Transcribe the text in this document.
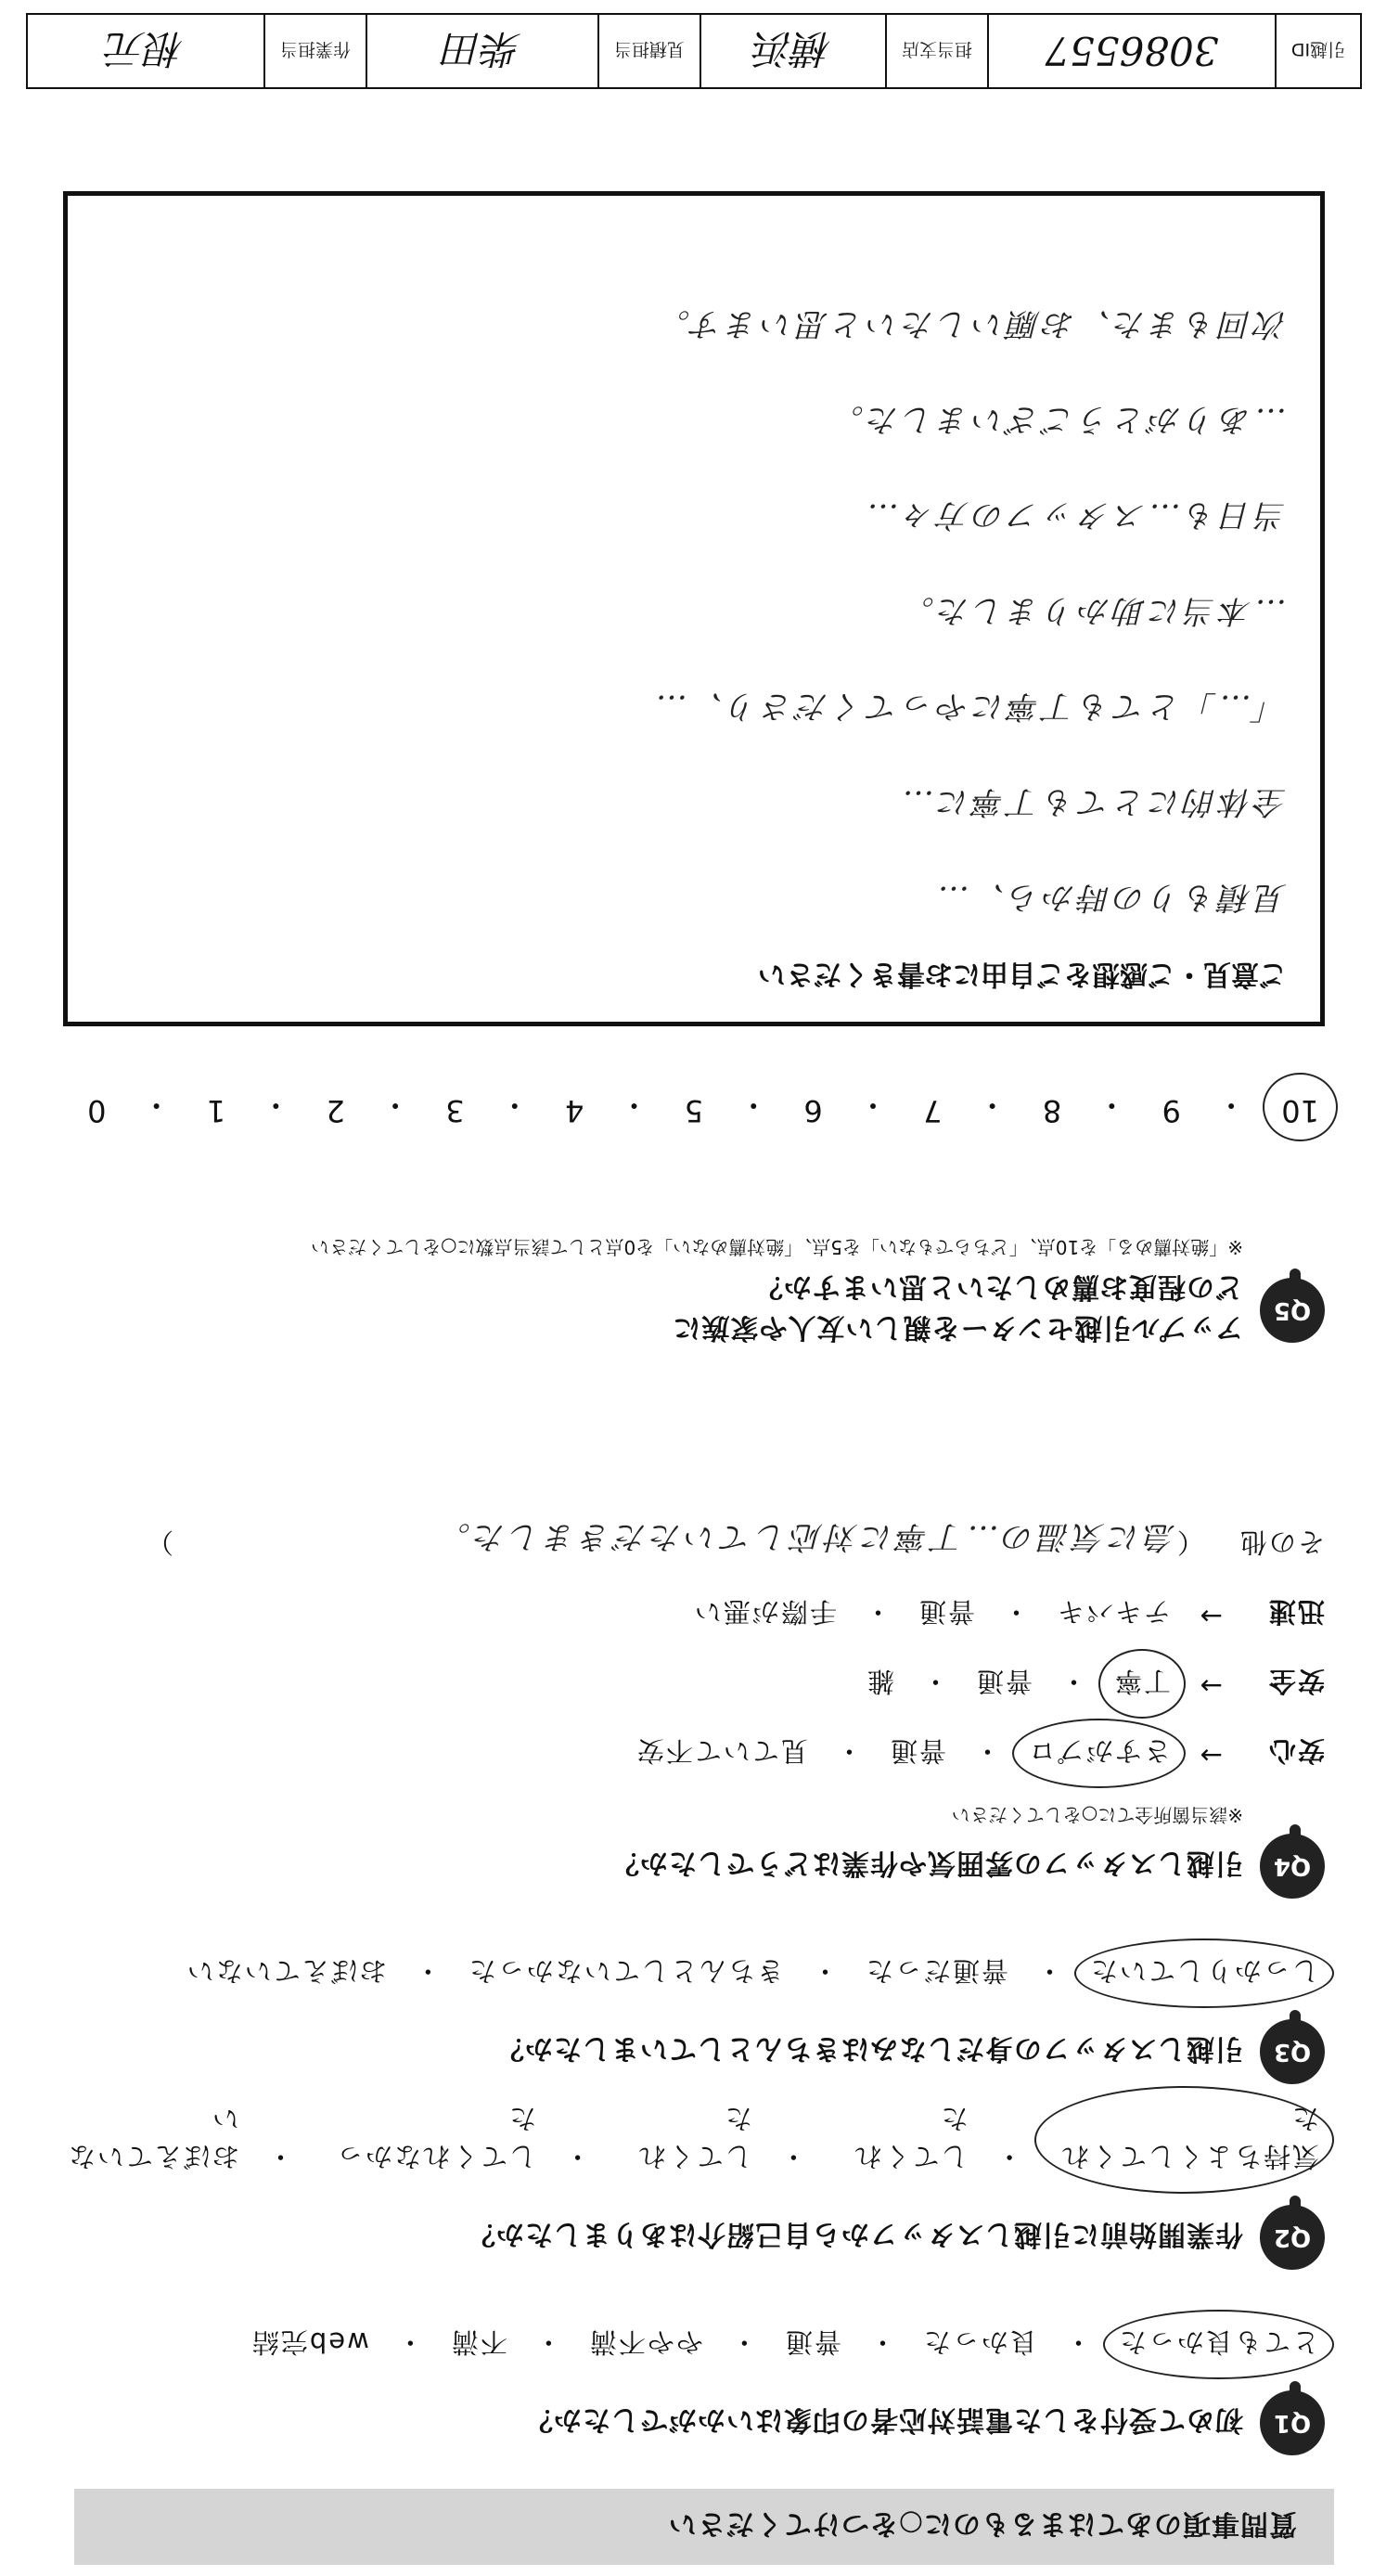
質問事項のあてはまるものに○をつけてください
Q1
初めて受付をした電話対応者の印象はいかがでしたか？
とても良かった
・
良かった
・
普通
・
やや不満
・
不満
・
web完結
Q2
作業開始前に引越しスタッフから自己紹介はありましたか？
気持ちよくしてくれた
・
してくれた
・
してくれた
・
してくれなかった
・
おぼえていない
Q3
引越しスタッフの身だしなみはきちんとしていましたか？
しっかりしていた
・
普通だった
・
きちんとしていなかった
・
おぼえていない
Q4
引越しスタッフの雰囲気や作業はどうでしたか？
※該当箇所全てに○をしてください
安心
→
さすがプロ
・
普通
・
見ていて不安
安全
→
丁寧
・
普通
・
雑
迅速
→
テキパキ
・
普通
・
手際が悪い
その他
（
急に気温の…丁寧に対応していただきました。
）
Q5
アップル引越センターを親しい友人や家族に
どの程度お薦めしたいと思いますか？
※「絶対薦める」を10点、「どちらでもない」を5点、「絶対薦めない」を0点として該当点数に○をしてください
10
・
9
・
8
・
7
・
6
・
5
・
4
・
3
・
2
・
1
・
0
ご意見・ご感想をご自由にお書きください
見積もりの時から、…
全体的にとても丁寧に…
「…」とても丁寧にやってくださり、…
…本当に助かりました。
当日も…スタッフの方々…
…ありがとうございました。
次回もまた、お願いしたいと思います。
引越ID
3086557
担当支店
横浜
見積担当
柴田
作業担当
根元
